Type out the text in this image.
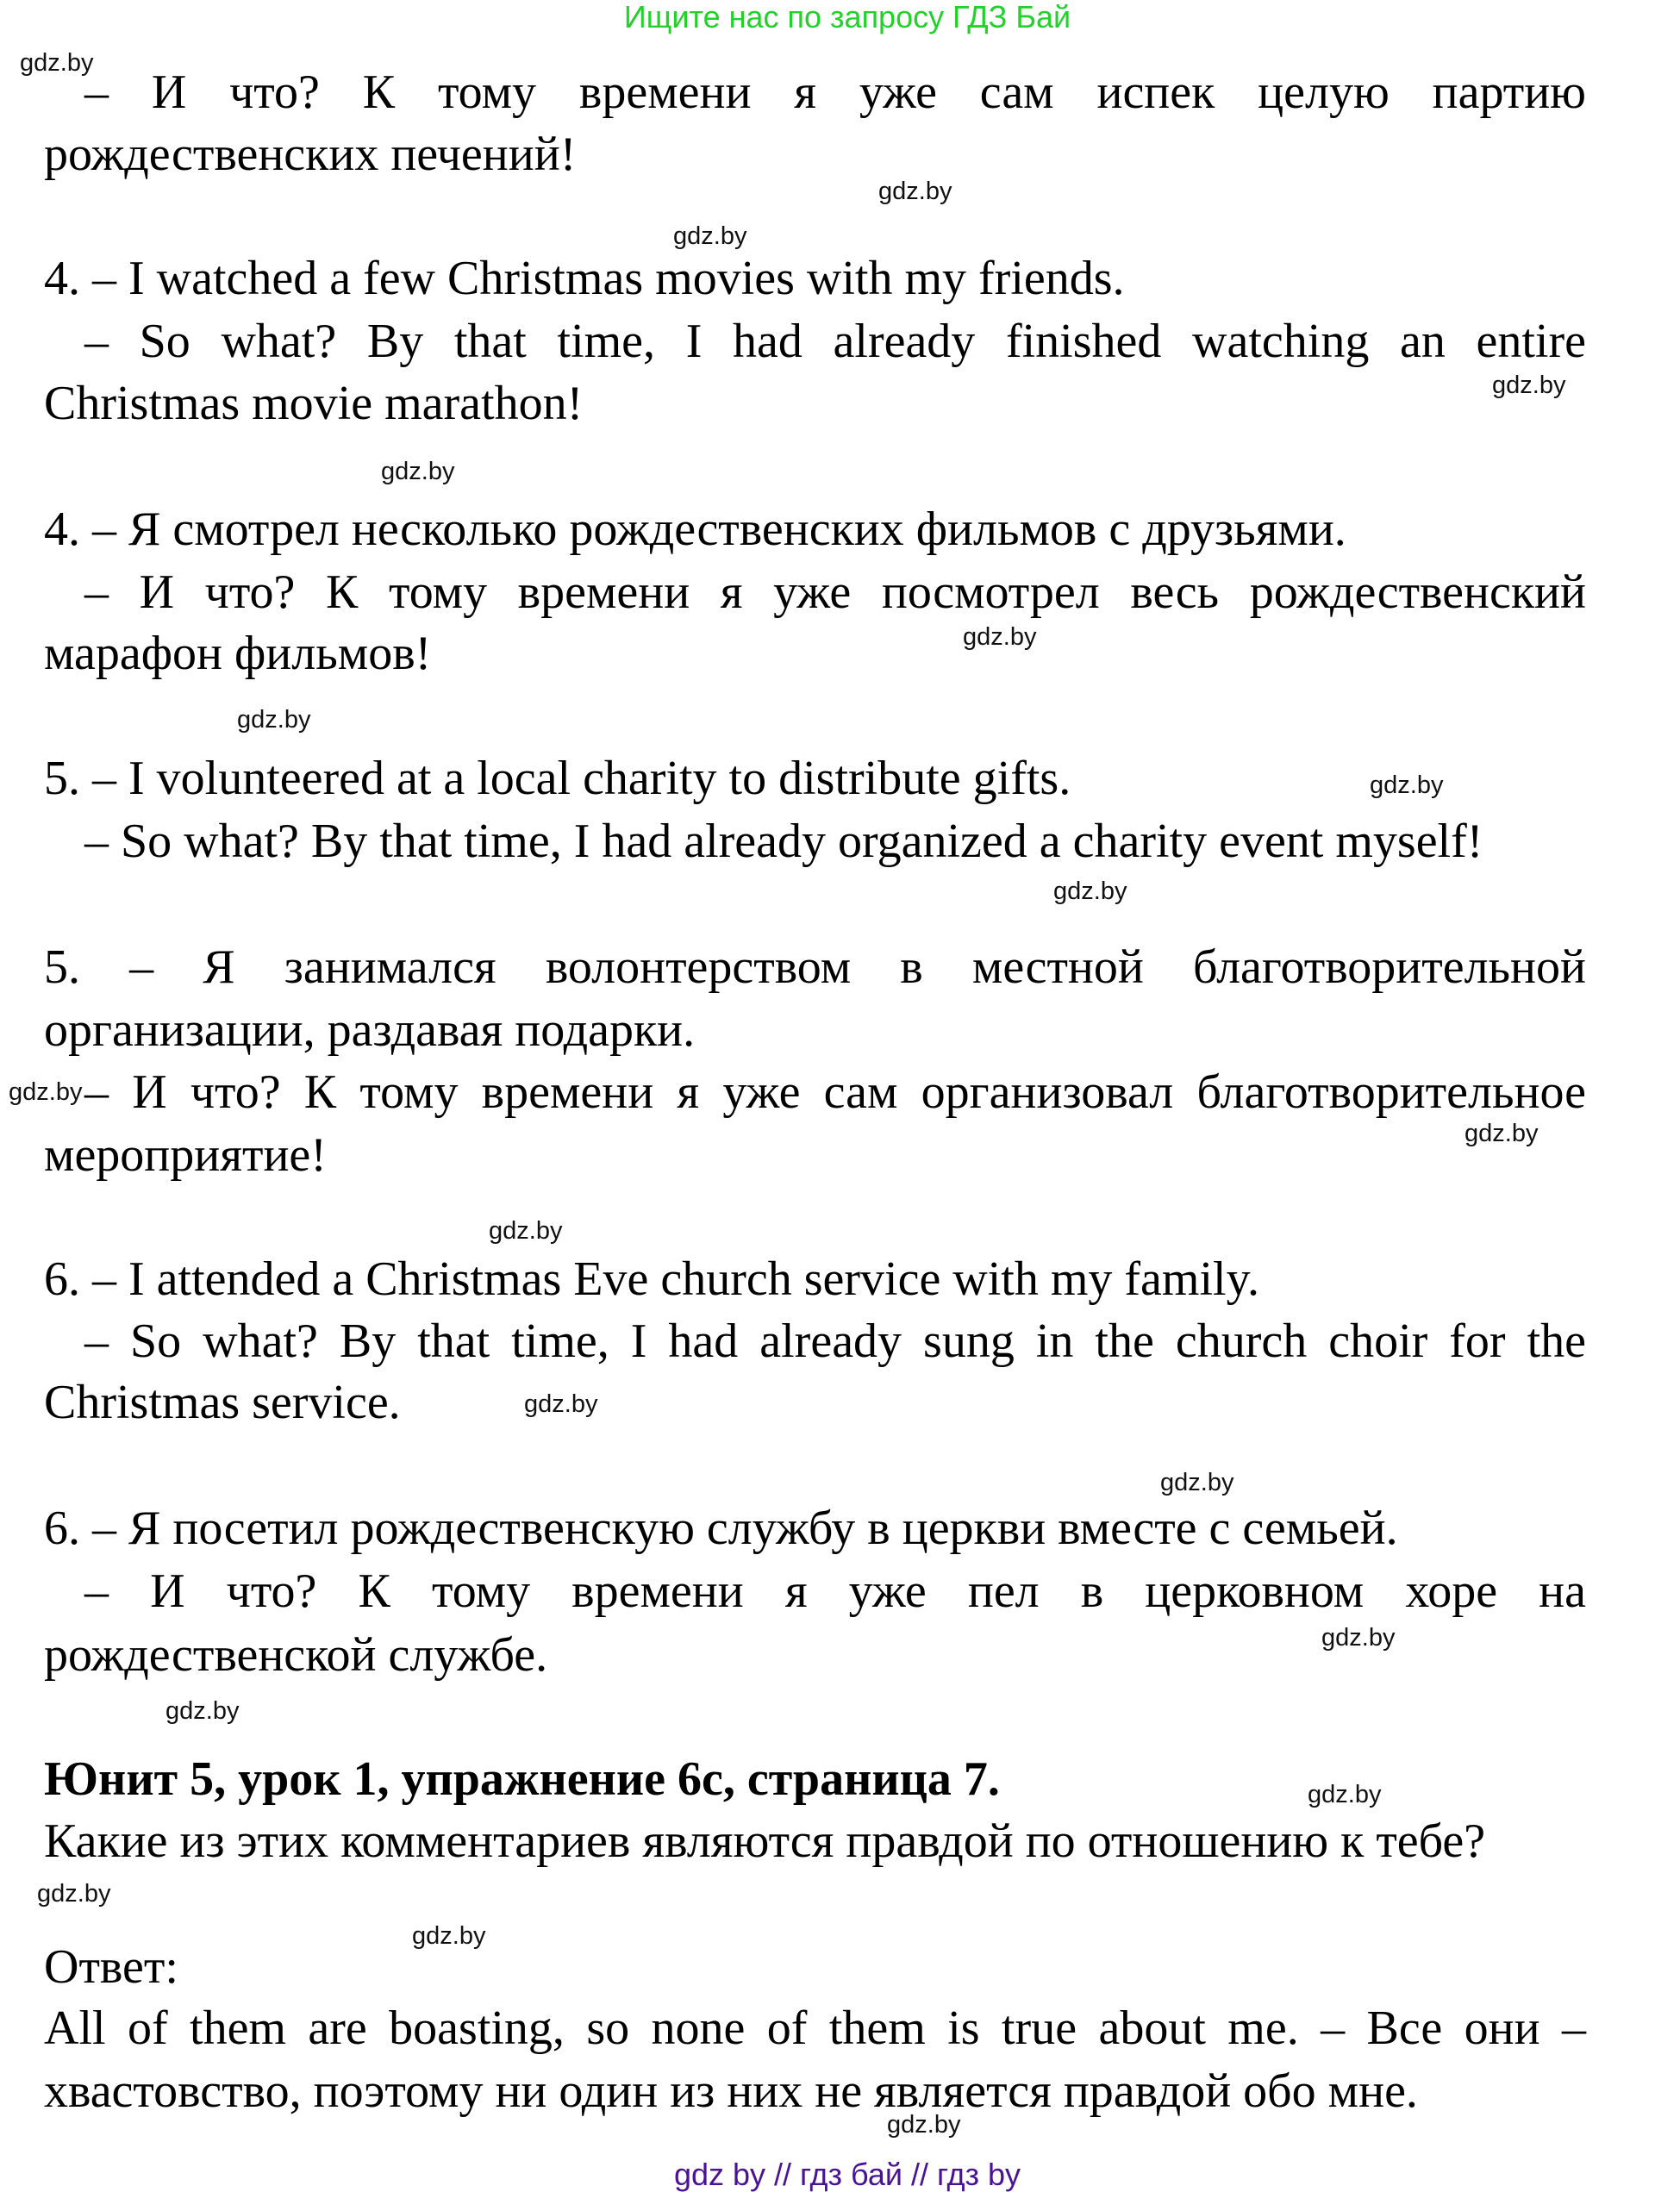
Ищите нас по запросу ГДЗ Бай
– И что? К тому времени я уже сам испек целую партию
рождественских печений!
4. – I watched a few Christmas movies with my friends.
– So what? By that time, I had already finished watching an entire
Christmas movie marathon!
4. – Я смотрел несколько рождественских фильмов с друзьями.
– И что? К тому времени я уже посмотрел весь рождественский
марафон фильмов!
5. – I volunteered at a local charity to distribute gifts.
– So what? By that time, I had already organized a charity event myself!
5. – Я занимался волонтерством в местной благотворительной
организации, раздавая подарки.
– И что? К тому времени я уже сам организовал благотворительное
мероприятие!
6. – I attended a Christmas Eve church service with my family.
– So what? By that time, I had already sung in the church choir for the
Christmas service.
6. – Я посетил рождественскую службу в церкви вместе с семьей.
– И что? К тому времени я уже пел в церковном хоре на
рождественской службе.
Юнит 5, урок 1, упражнение 6с, страница 7.
Какие из этих комментариев являются правдой по отношению к тебе?
Ответ:
All of them are boasting, so none of them is true about me. – Все они –
хвастовство, поэтому ни один из них не является правдой обо мне.
gdz.by
gdz.by
gdz.by
gdz.by
gdz.by
gdz.by
gdz.by
gdz.by
gdz.by
gdz.by
gdz.by
gdz.by
gdz.by
gdz.by
gdz.by
gdz.by
gdz.by
gdz.by
gdz.by
gdz.by
gdz by // гдз бай // гдз by
